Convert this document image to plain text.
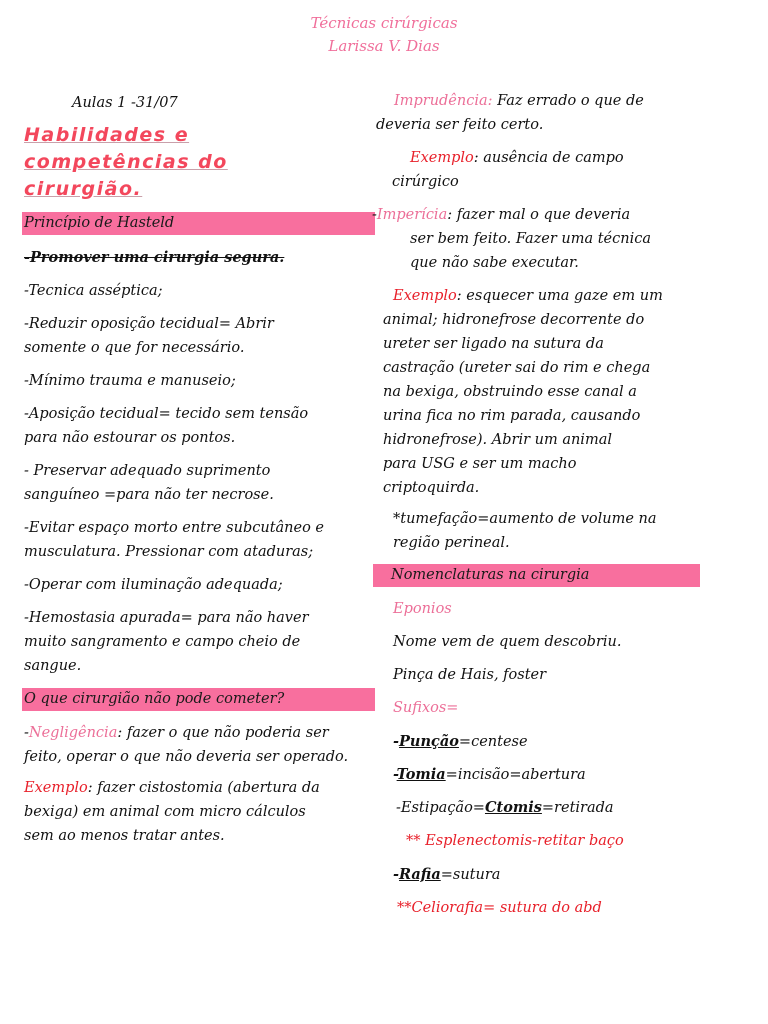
Técnicas cirúrgicas
Larissa V. Dias
Aulas 1 -31/07
Habilidades e
competências do
cirurgião.
Princípio de Hasteld
-Promover uma cirurgia segura.
-Tecnica asséptica;
-Reduzir oposição tecidual= Abrir
somente o que for necessário.
-Mínimo trauma e manuseio;
-Aposição tecidual= tecido sem tensão
para não estourar os pontos.
- Preservar adequado suprimento
sanguíneo =para não ter necrose.
-Evitar espaço morto entre subcutâneo e
musculatura. Pressionar com ataduras;
-Operar com iluminação adequada;
-Hemostasia apurada= para não haver
muito sangramento e campo cheio de
sangue.
O que cirurgião não pode cometer?
-Negligência: fazer o que não poderia ser
feito, operar o que não deveria ser operado.
Exemplo: fazer cistostomia (abertura da
bexiga) em animal com micro cálculos
sem ao menos tratar antes.
Imprudência: Faz errado o que de
deveria ser feito certo.
Exemplo: ausência de campo
cirúrgico
-Imperícia: fazer mal o que deveria
ser bem feito. Fazer uma técnica
que não sabe executar.
Exemplo: esquecer uma gaze em um
animal; hidronefrose decorrente do
ureter ser ligado na sutura da
castração (ureter sai do rim e chega
na bexiga, obstruindo esse canal a
urina fica no rim parada, causando
hidronefrose). Abrir um animal
para USG e ser um macho
criptoquirda.
*tumefação=aumento de volume na
região perineal.
Nomenclaturas na cirurgia
Eponios
Nome vem de quem descobriu.
Pinça de Hais, foster
Sufixos=
-Punção=centese
-Tomia=incisão=abertura
-Estipação=Ctomis=retirada
** Esplenectomis-retitar baço
-Rafia=sutura
**Celiorafia= sutura do abd
